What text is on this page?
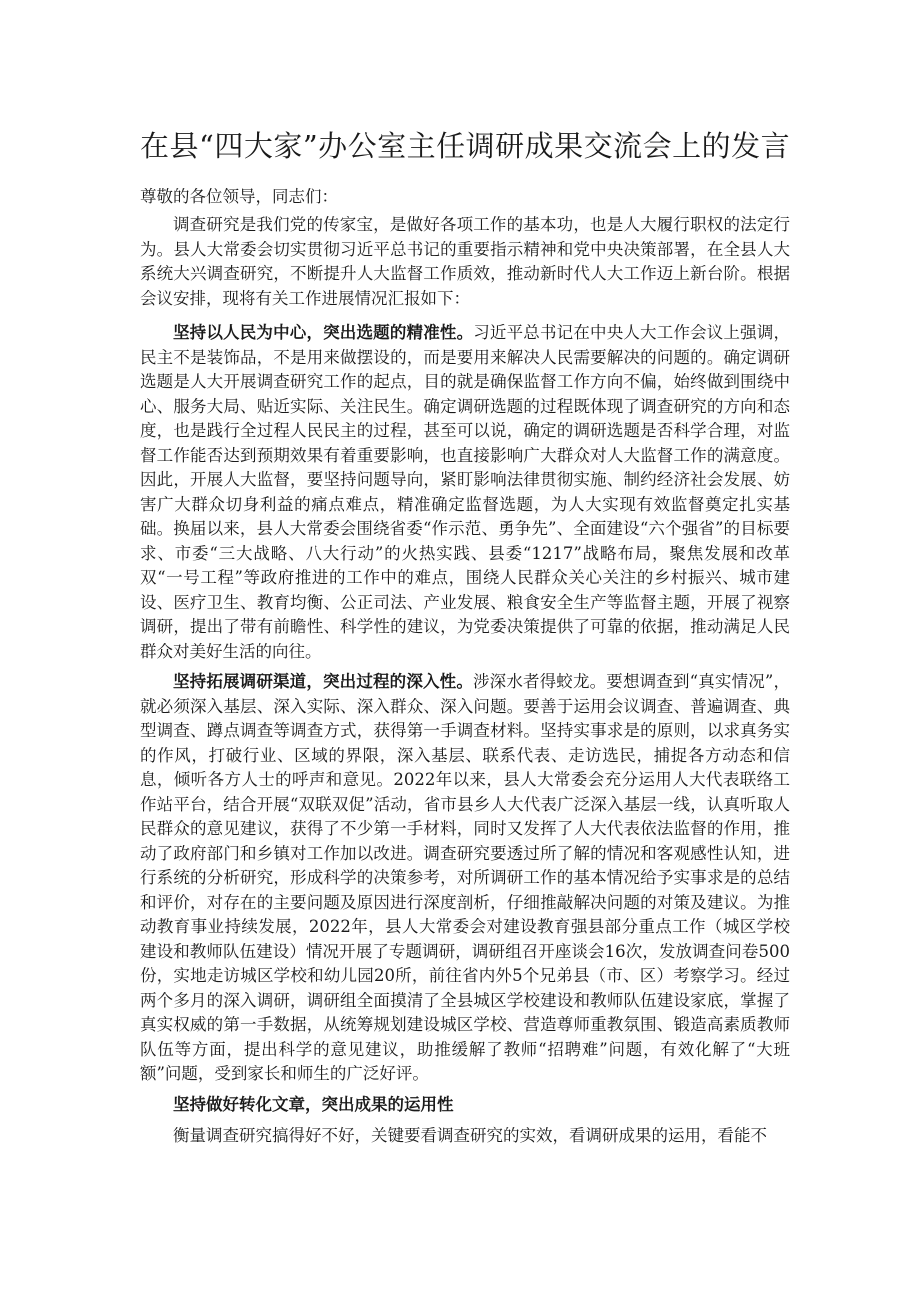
在县“四大家”办公室主任调研成果交流会上的发言

尊敬的各位领导，同志们：

调查研究是我们党的传家宝，是做好各项工作的基本功，也是人大履行职权的法定行为。县人大常委会切实贯彻习近平总书记的重要指示精神和党中央决策部署，在全县人大系统大兴调查研究，不断提升人大监督工作质效，推动新时代人大工作迈上新台阶。根据会议安排，现将有关工作进展情况汇报如下：

坚持以人民为中心，突出选题的精准性。习近平总书记在中央人大工作会议上强调，民主不是装饰品，不是用来做摆设的，而是要用来解决人民需要解决的问题的。确定调研选题是人大开展调查研究工作的起点，目的就是确保监督工作方向不偏，始终做到围绕中心、服务大局、贴近实际、关注民生。确定调研选题的过程既体现了调查研究的方向和态度，也是践行全过程人民民主的过程，甚至可以说，确定的调研选题是否科学合理，对监督工作能否达到预期效果有着重要影响，也直接影响广大群众对人大监督工作的满意度。因此，开展人大监督，要坚持问题导向，紧盯影响法律贯彻实施、制约经济社会发展、妨害广大群众切身利益的痛点难点，精准确定监督选题，为人大实现有效监督奠定扎实基础。换届以来，县人大常委会围绕省委“作示范、勇争先”、全面建设“六个强省”的目标要求、市委“三大战略、八大行动”的火热实践、县委“1217”战略布局，聚焦发展和改革双“一号工程”等政府推进的工作中的难点，围绕人民群众关心关注的乡村振兴、城市建设、医疗卫生、教育均衡、公正司法、产业发展、粮食安全生产等监督主题，开展了视察调研，提出了带有前瞻性、科学性的建议，为党委决策提供了可靠的依据，推动满足人民群众对美好生活的向往。

坚持拓展调研渠道，突出过程的深入性。涉深水者得蛟龙。要想调查到“真实情况”，就必须深入基层、深入实际、深入群众、深入问题。要善于运用会议调查、普遍调查、典型调查、蹲点调查等调查方式，获得第一手调查材料。坚持实事求是的原则，以求真务实的作风，打破行业、区域的界限，深入基层、联系代表、走访选民，捕捉各方动态和信息，倾听各方人士的呼声和意见。2022年以来，县人大常委会充分运用人大代表联络工作站平台，结合开展“双联双促”活动，省市县乡人大代表广泛深入基层一线，认真听取人民群众的意见建议，获得了不少第一手材料，同时又发挥了人大代表依法监督的作用，推动了政府部门和乡镇对工作加以改进。调查研究要透过所了解的情况和客观感性认知，进行系统的分析研究，形成科学的决策参考，对所调研工作的基本情况给予实事求是的总结和评价，对存在的主要问题及原因进行深度剖析，仔细推敲解决问题的对策及建议。为推动教育事业持续发展，2022年，县人大常委会对建设教育强县部分重点工作（城区学校建设和教师队伍建设）情况开展了专题调研，调研组召开座谈会16次，发放调查问卷500份，实地走访城区学校和幼儿园20所，前往省内外5个兄弟县（市、区）考察学习。经过两个多月的深入调研，调研组全面摸清了全县城区学校建设和教师队伍建设家底，掌握了真实权威的第一手数据，从统筹规划建设城区学校、营造尊师重教氛围、锻造高素质教师队伍等方面，提出科学的意见建议，助推缓解了教师“招聘难”问题，有效化解了“大班额”问题，受到家长和师生的广泛好评。

坚持做好转化文章，突出成果的运用性

衡量调查研究搞得好不好，关键要看调查研究的实效，看调研成果的运用，看能不
